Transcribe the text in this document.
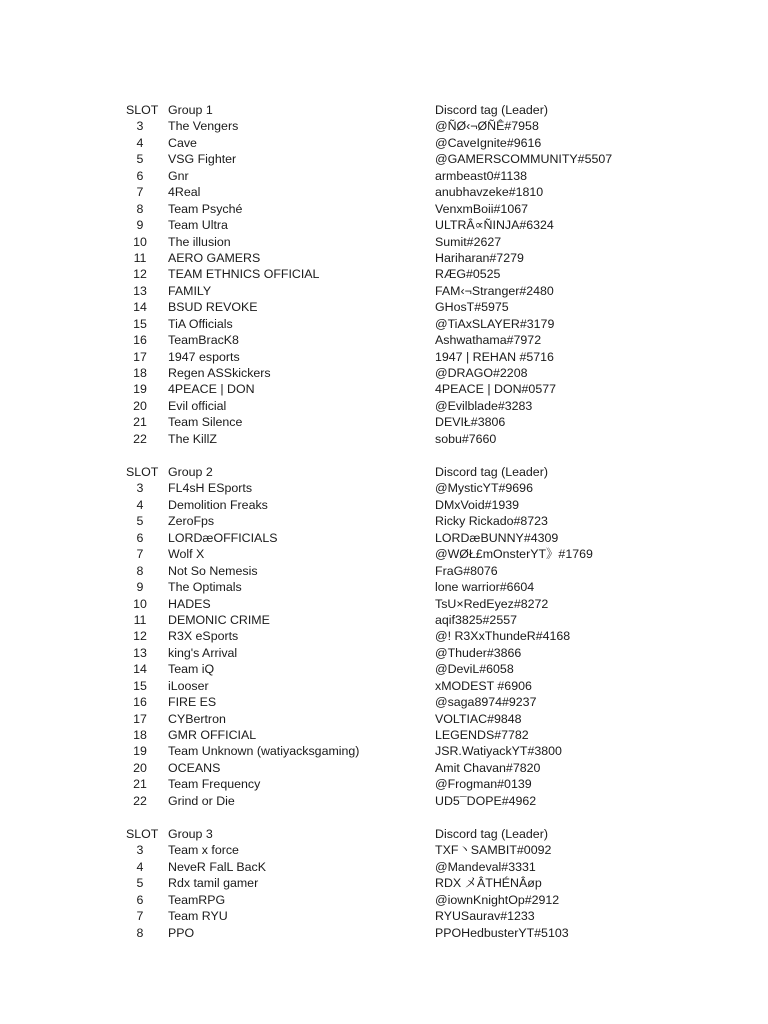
SLOT Group 1	Discord tag (Leader)
3	The Vengers	@ÑØ‹¬ØÑÊ#7958
4	Cave	@CaveIgnite#9616
5	VSG Fighter	@GAMERSCOMMUNITY#5507
6	Gnr	armbeast0#1138
7	4Real	anubhavzeke#1810
8	Team Psyché	VenxmBoii#1067
9	Team Ultra	ULTRÂ∝ÑINJA#6324
10	The illusion	Sumit#2627
11	AERO GAMERS	Hariharan#7279
12	TEAM ETHNICS OFFICIAL	RÆG#0525
13	FAMILY	FAM‹¬Stranger#2480
14	BSUD REVOKE	GHosT#5975
15	TiA Officials	@TiAxSLAYER#3179
16	TeamBracK8	Ashwathama#7972
17	1947 esports	1947 | REHAN #5716
18	Regen ASSkickers	@DRAGO#2208
19	4PEACE | DON	4PEACE | DON#0577
20	Evil official	@Evilblade#3283
21	Team Silence	DEVIŁ#3806
22	The KillZ	sobu#7660
SLOT Group 2	Discord tag (Leader)
3	FL4sH ESports	@MysticYT#9696
4	Demolition Freaks	DMxVoid#1939
5	ZeroFps	Ricky Rickado#8723
6	LORDæOFFICIALS	LORDæBUNNY#4309
7	Wolf X	@WØŁ£mOnsterYT》#1769
8	Not So Nemesis	FraG#8076
9	The Optimals	lone warrior#6604
10	HADES	TsU×RedEyez#8272
11	DEMONIC CRIME	aqif3825#2557
12	R3X eSports	@! R3XxThundeR#4168
13	king's Arrival	@Thuder#3866
14	Team iQ	@DeviL#6058
15	iLooser	xMODEST #6906
16	FIRE ES	@saga8974#9237
17	CYBertron	VOLTIAC#9848
18	GMR OFFICIAL	LEGENDS#7782
19	Team Unknown (watiyacksgaming)	JSR.WatiyackYT#3800
20	OCEANS	Amit Chavan#7820
21	Team Frequency	@Frogman#0139
22	Grind or Die	UD5¯DOPE#4962
SLOT Group 3	Discord tag (Leader)
3	Team x force	TXF丶SAMBIT#0092
4	NeveR FalL BacK	@Mandeval#3331
5	Rdx tamil gamer	RDX メÂTHÉNÂøp
6	TeamRPG	@iownKnightOp#2912
7	Team RYU	RYUSaurav#1233
8	PPO	PPOHedbusterYT#5103
